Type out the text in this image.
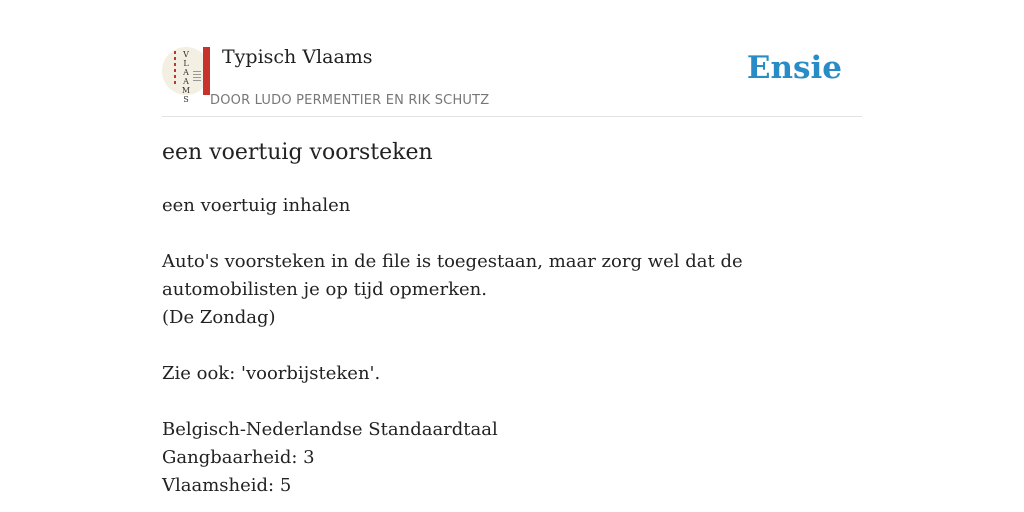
V
L
A
A
M
S
Typisch Vlaams
DOOR LUDO PERMENTIER EN RIK SCHUTZ
Ensie
een voertuig voorsteken

een voertuig inhalen

Auto's voorsteken in de file is toegestaan, maar zorg wel dat de automobilisten je op tijd opmerken.

(De Zondag)

Zie ook: 'voorbijsteken'.

Belgisch-Nederlandse Standaardtaal

Gangbaarheid: 3

Vlaamsheid: 5
